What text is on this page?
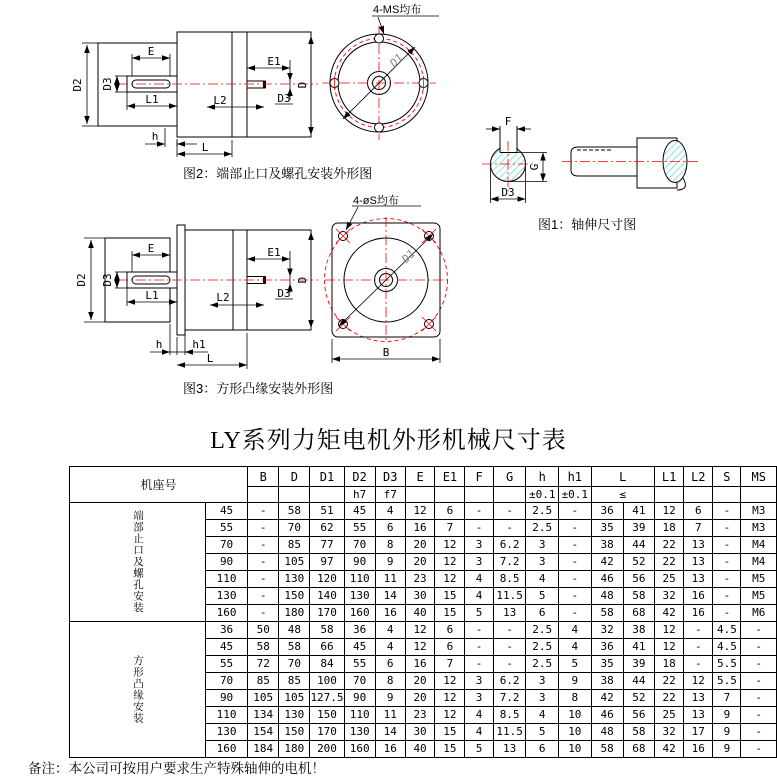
D2
E
L1
D3
h
L
E1
D3
L2
D
D1
4-MS均布
图2：端部止口及螺孔安装外形图
F
G
D3
图1：轴伸尺寸图
D2
E
L1
D3
h	h1
L
E1
D3
L2
D
4-øS均布
D1
B
图3：方形凸缘安装外形图
LY系列力矩电机外形机械尺寸表
机座号		B	D	D1	D2	D3	E	E1	F	G	h	h1	L		L1	L2	S	MS
					h7	f7					±0.1	±0.1	≤					
端部止口及螺孔安装	45	-	58	51	45	4	12	6	-	-	2.5	-	36	41	12	6	-	M3
	55	-	70	62	55	6	16	7	-	-	2.5	-	35	39	18	7	-	M3
	70	-	85	77	70	8	20	12	3	6.2	3	-	38	44	22	13	-	M4
	90	-	105	97	90	9	20	12	3	7.2	3	-	42	52	22	13	-	M4
	110	-	130	120	110	11	23	12	4	8.5	4	-	46	56	25	13	-	M5
	130	-	150	140	130	14	30	15	4	11.5	5	-	48	58	32	16	-	M5
	160	-	180	170	160	16	40	15	5	13	6	-	58	68	42	16	-	M6
方形凸缘安装	36	50	48	58	36	4	12	6	-	-	2.5	4	32	38	12	-	4.5	-
	45	58	58	66	45	4	12	6	-	-	2.5	4	36	41	12	-	4.5	-
	55	72	70	84	55	6	16	7	-	-	2.5	5	35	39	18	-	5.5	-
	70	85	85	100	70	8	20	12	3	6.2	3	9	38	44	22	12	5.5	-
	90	105	105	127.5	90	9	20	12	3	7.2	3	8	42	52	22	13	7	-
	110	134	130	150	110	11	23	12	4	8.5	4	10	46	56	25	13	9	-
	130	154	150	170	130	14	30	15	4	11.5	5	10	48	58	32	17	9	-
	160	184	180	200	160	16	40	15	5	13	6	10	58	68	42	16	9	-
备注：本公司可按用户要求生产特殊轴伸的电机！
